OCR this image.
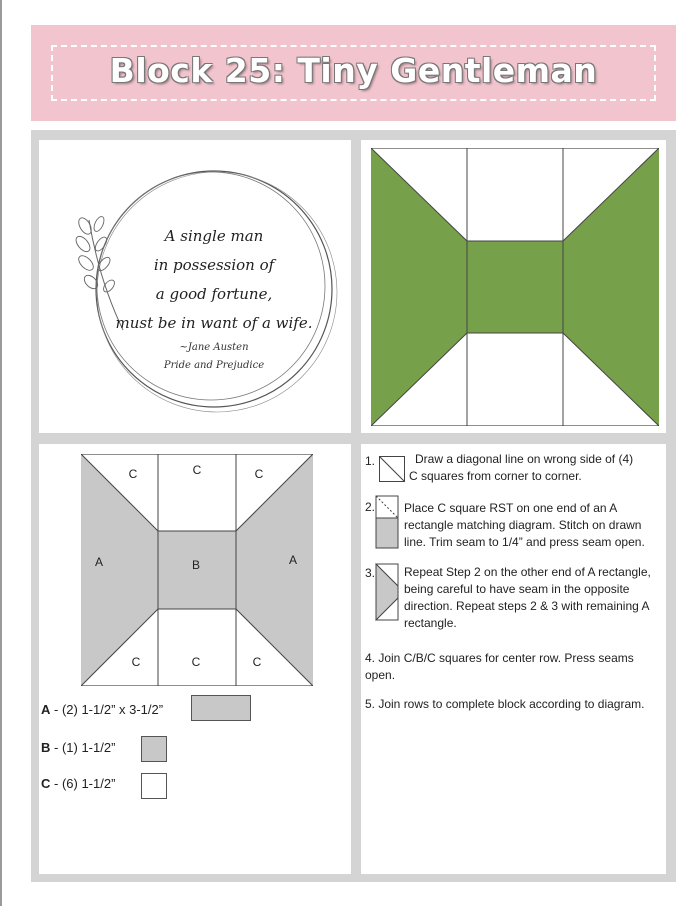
Block 25: Tiny Gentleman
A single man
in possession of
a good fortune,
must be in want of a wife.
~Jane Austen
Pride and Prejudice
C	C	C
A	B	A
C	C	C
A - (2) 1-1/2” x 3-1/2”
B - (1) 1-1/2”
C - (6) 1-1/2”
1.	Draw a diagonal line on wrong side of (4)
C squares from corner to corner.
2. Place C square RST on one end of an A rectangle matching diagram. Stitch on drawn line. Trim seam to 1/4” and press seam open.
3. Repeat Step 2 on the other end of A rectangle, being careful to have seam in the opposite direction. Repeat steps 2 & 3 with remaining A rectangle.
4. Join C/B/C squares for center row. Press seams open.
5. Join rows to complete block according to diagram.
